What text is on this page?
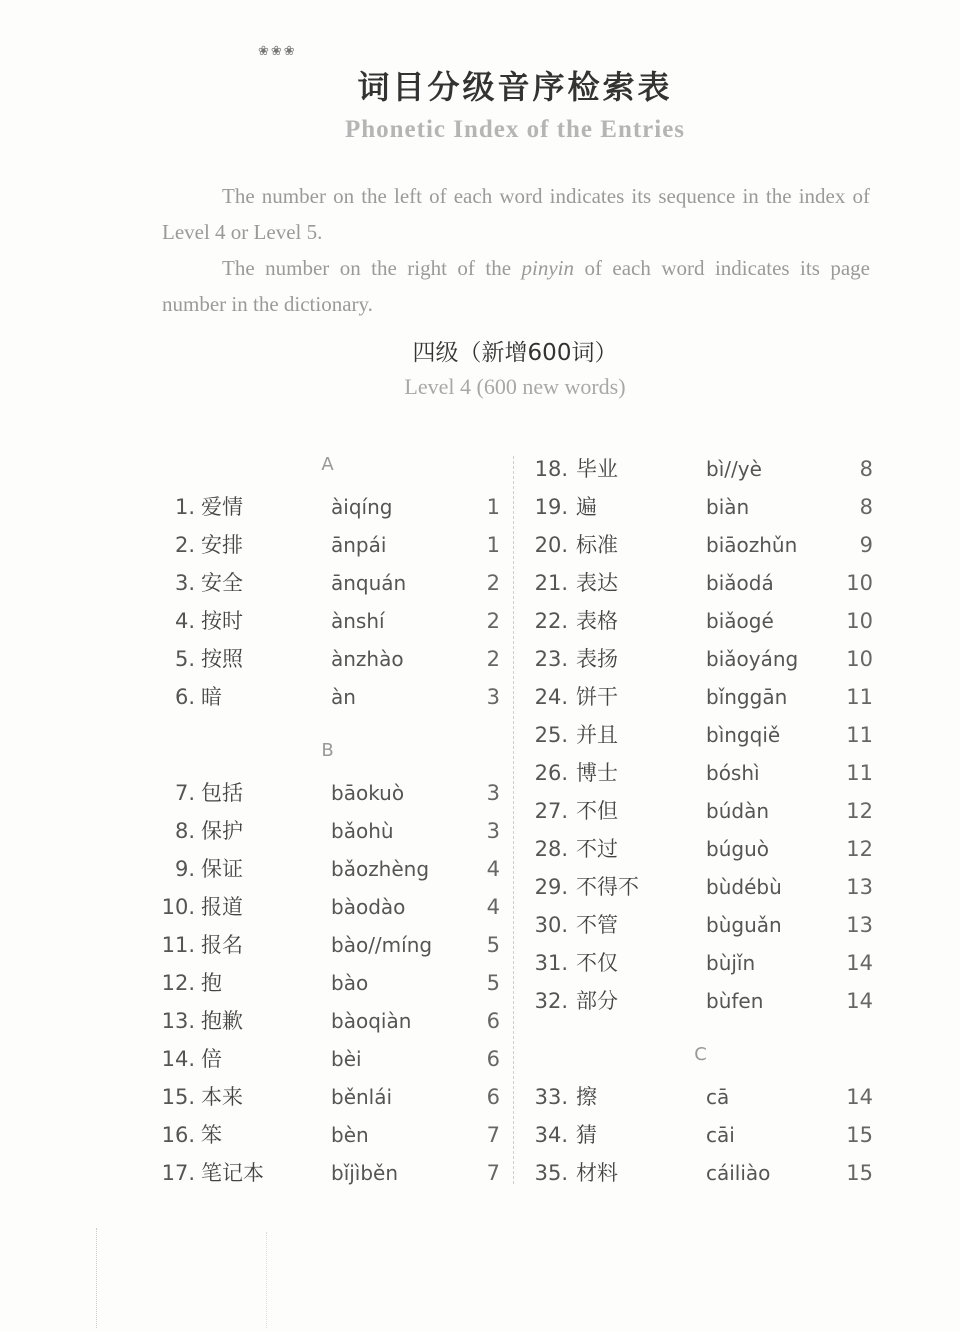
❀❀❀
词目分级音序检索表
Phonetic Index of the Entries

The number on the left of each word indicates its sequence in the index of Level 4 or Level 5.

The number on the right of the pinyin of each word indicates its page number in the dictionary.

四级（新增600词）
Level 4 (600 new words)
A
1. 爱情	àiqíng	1
2. 安排	ānpái	1
3. 安全	ānquán	2
4. 按时	ànshí	2
5. 按照	ànzhào	2
6. 暗	àn	3
B
7. 包括	bāokuò	3
8. 保护	bǎohù	3
9. 保证	bǎozhèng	4
10. 报道	bàodào	4
11. 报名	bào//míng	5
12. 抱	bào	5
13. 抱歉	bàoqiàn	6
14. 倍	bèi	6
15. 本来	běnlái	6
16. 笨	bèn	7
17. 笔记本	bǐjìběn	7
18. 毕业	bì//yè	8
19. 遍	biàn	8
20. 标准	biāozhǔn	9
21. 表达	biǎodá	10
22. 表格	biǎogé	10
23. 表扬	biǎoyáng	10
24. 饼干	bǐnggān	11
25. 并且	bìngqiě	11
26. 博士	bóshì	11
27. 不但	búdàn	12
28. 不过	búguò	12
29. 不得不	bùdébù	13
30. 不管	bùguǎn	13
31. 不仅	bùjǐn	14
32. 部分	bùfen	14
C
33. 擦	cā	14
34. 猜	cāi	15
35. 材料	cáiliào	15
